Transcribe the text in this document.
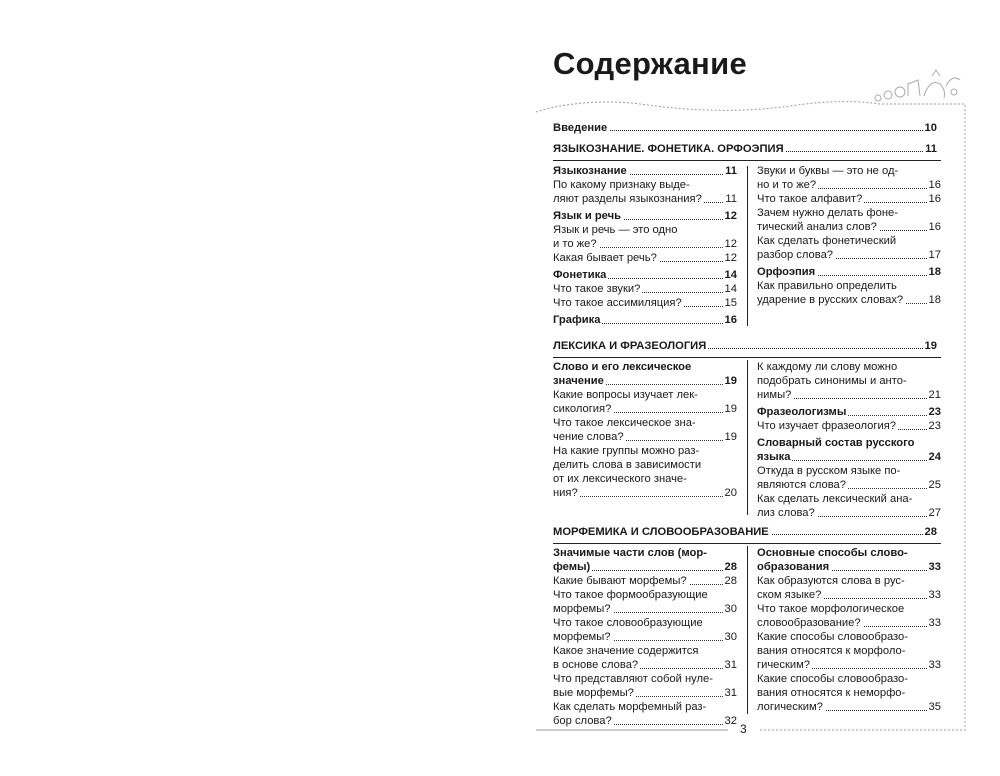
Содержание
Введение	10
ЯЗЫКОЗНАНИЕ. ФОНЕТИКА. ОРФОЭПИЯ	11
Языкознание	11
По какому признаку выде-
ляют разделы языкознания? 11
Язык и речь	12
Язык и речь — это одно
и то же?	12
Какая бывает речь?	12
Фонетика	14
Что такое звуки?	14
Что такое ассимиляция?	15
Графика	16
Звуки и буквы — это не од-
но и то же?	16
Что такое алфавит?	16
Зачем нужно делать фоне-
тический анализ слов?	16
Как сделать фонетический
разбор слова?	17
Орфоэпия	18
Как правильно определить
ударение в русских словах? 18
ЛЕКСИКА И ФРАЗЕОЛОГИЯ	19
Слово и его лексическое
значение	19
Какие вопросы изучает лек-
сикология?	19
Что такое лексическое зна-
чение слова?	19
На какие группы можно раз-
делить слова в зависимости
от их лексического значе-
ния?	20
К каждому ли слову можно
подобрать синонимы и анто-
нимы?	21
Фразеологизмы	23
Что изучает фразеология?	23
Словарный состав русского
языка	24
Откуда в русском языке по-
являются слова?	25
Как сделать лексический ана-
лиз слова?	27
МОРФЕМИКА И СЛОВООБРАЗОВАНИЕ	28
Значимые части слов (мор-
фемы)	28
Какие бывают морфемы?	28
Что такое формообразующие
морфемы?	30
Что такое словообразующие
морфемы?	30
Какое значение содержится
в основе слова?	31
Что представляют собой нуле-
вые морфемы?	31
Как сделать морфемный раз-
бор слова?	32
Основные способы слово-
образования	33
Как образуются слова в рус-
ском языке?	33
Что такое морфологическое
словообразование?	33
Какие способы словообразо-
вания относятся к морфоло-
гическим?	33
Какие способы словообразо-
вания относятся к неморфо-
логическим?	35
3
